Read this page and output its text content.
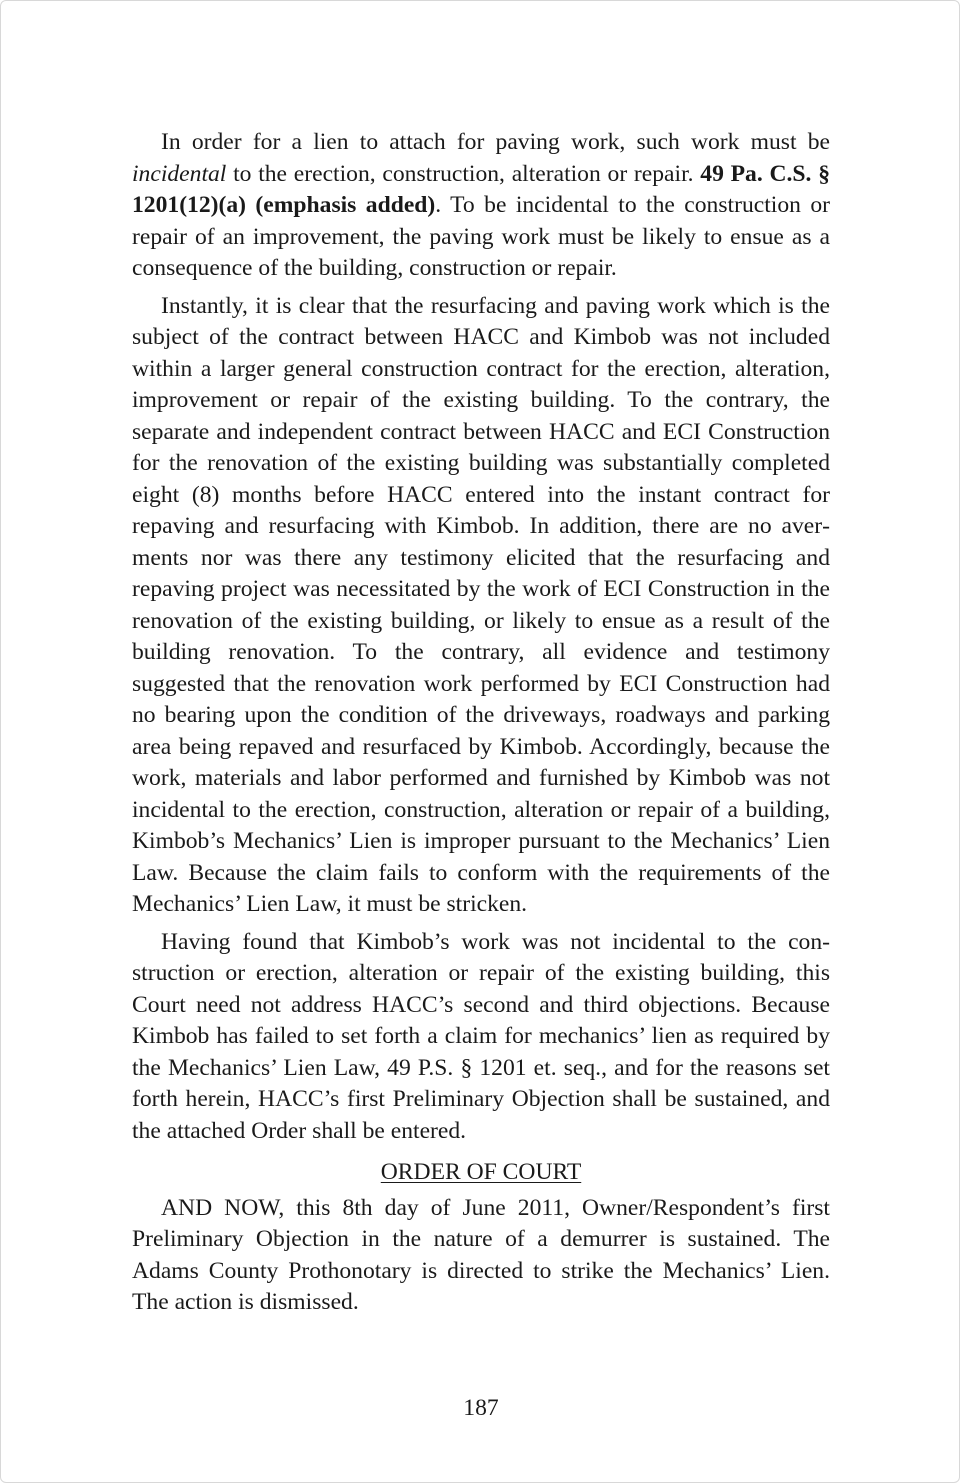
In order for a lien to attach for paving work, such work must be incidental to the erection, construction, alteration or repair. 49 Pa. C.S. § 1201(12)(a) (emphasis added). To be incidental to the construction or repair of an improvement, the paving work must be likely to ensue as a consequence of the building, construction or repair.

Instantly, it is clear that the resurfacing and paving work which is the subject of the contract between HACC and Kimbob was not included within a larger general construction contract for the erection, alteration, improvement or repair of the existing building. To the contrary, the separate and independent contract between HACC and ECI Construction for the renovation of the existing building was substantially completed eight (8) months before HACC entered into the instant contract for repaving and resurfacing with Kimbob. In addition, there are no averments nor was there any testimony elicited that the resurfacing and repaving project was necessitated by the work of ECI Construction in the renovation of the existing building, or likely to ensue as a result of the building renovation. To the contrary, all evidence and testimony suggested that the renovation work performed by ECI Construction had no bearing upon the condition of the driveways, roadways and parking area being repaved and resurfaced by Kimbob. Accordingly, because the work, materials and labor performed and furnished by Kimbob was not incidental to the erection, construction, alteration or repair of a building, Kimbob’s Mechanics’ Lien is improper pursuant to the Mechanics’ Lien Law. Because the claim fails to conform with the requirements of the Mechanics’ Lien Law, it must be stricken.

Having found that Kimbob’s work was not incidental to the construction or erection, alteration or repair of the existing building, this Court need not address HACC’s second and third objections. Because Kimbob has failed to set forth a claim for mechanics’ lien as required by the Mechanics’ Lien Law, 49 P.S. § 1201 et. seq., and for the reasons set forth herein, HACC’s first Preliminary Objection shall be sustained, and the attached Order shall be entered.

ORDER OF COURT

AND NOW, this 8th day of June 2011, Owner/Respondent’s first Preliminary Objection in the nature of a demurrer is sustained. The Adams County Prothonotary is directed to strike the Mechanics’ Lien. The action is dismissed.

187
